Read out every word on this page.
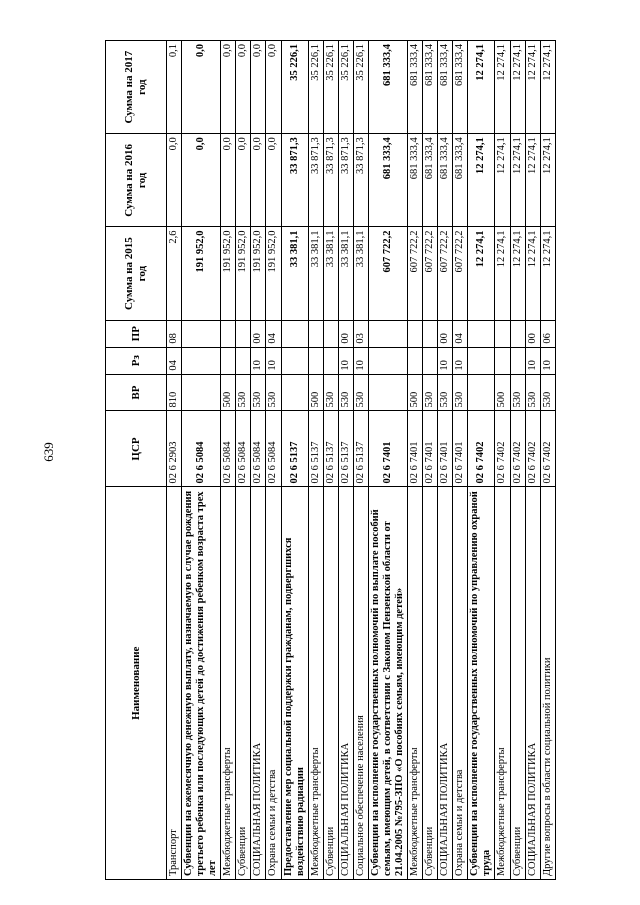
639
Наименование	ЦСР	ВР	Рз	ПР	Сумма на 2015 год	Сумма на 2016 год	Сумма на 2017 год
Транспорт	02 6 2903	810	04	08	2,6	0,0	0,1
Субвенции на ежемесячную денежную выплату, назначаемую в случае рождения третьего ребенка или последующих детей до достижения ребенком возраста трех лет	02 6 5084				191 952,0	0,0	0,0
Межбюджетные трансферты	02 6 5084	500			191 952,0	0,0	0,0
Субвенции	02 6 5084	530			191 952,0	0,0	0,0
СОЦИАЛЬНАЯ ПОЛИТИКА	02 6 5084	530	10	00	191 952,0	0,0	0,0
Охрана семьи и детства	02 6 5084	530	10	04	191 952,0	0,0	0,0
Предоставление мер социальной поддержки гражданам, подвергшихся воздействию радиации	02 6 5137				33 381,1	33 871,3	35 226,1
Межбюджетные трансферты	02 6 5137	500			33 381,1	33 871,3	35 226,1
Субвенции	02 6 5137	530			33 381,1	33 871,3	35 226,1
СОЦИАЛЬНАЯ ПОЛИТИКА	02 6 5137	530	10	00	33 381,1	33 871,3	35 226,1
Социальное обеспечение населения	02 6 5137	530	10	03	33 381,1	33 871,3	35 226,1
Субвенции на исполнение государственных полномочий по выплате пособий семьям, имеющим детей, в соответствии с Законом Пензенской области от 21.04.2005 №795-ЗПО «О пособиях семьям, имеющим детей»	02 6 7401				607 722,2	681 333,4	681 333,4
Межбюджетные трансферты	02 6 7401	500			607 722,2	681 333,4	681 333,4
Субвенции	02 6 7401	530			607 722,2	681 333,4	681 333,4
СОЦИАЛЬНАЯ ПОЛИТИКА	02 6 7401	530	10	00	607 722,2	681 333,4	681 333,4
Охрана семьи и детства	02 6 7401	530	10	04	607 722,2	681 333,4	681 333,4
Субвенции на исполнение государственных полномочий по управлению охраной труда	02 6 7402				12 274,1	12 274,1	12 274,1
Межбюджетные трансферты	02 6 7402	500			12 274,1	12 274,1	12 274,1
Субвенции	02 6 7402	530			12 274,1	12 274,1	12 274,1
СОЦИАЛЬНАЯ ПОЛИТИКА	02 6 7402	530	10	00	12 274,1	12 274,1	12 274,1
Другие вопросы в области социальной политики	02 6 7402	530	10	06	12 274,1	12 274,1	12 274,1
